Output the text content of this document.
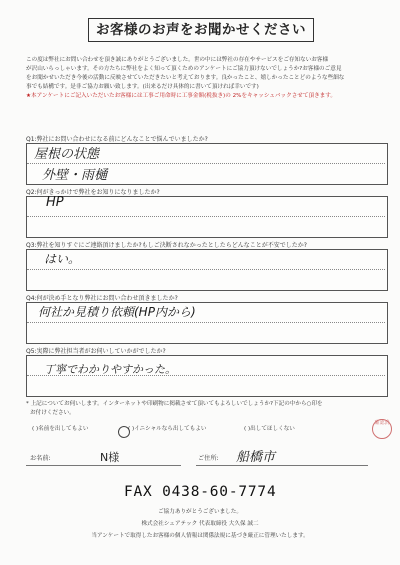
お客様のお声をお聞かせください

この度は弊社にお問い合わせを頂き誠にありがとうございました。世の中には弊社の存在やサービスをご存知ないお客様

が沢山いらっしゃいます。その方たちに弊社をよく知って頂くためのアンケートにご協力頂けないでしょうか?お客様のご意見

をお聞かせいただき今後の活動に反映させていただきたいと考えております。良かったこと、嬉しかったことどのような些細な

事でも結構です。是非ご協力お願い致します。(出来るだけ具体的に書いて頂ければ幸いです)

★本アンケートにご記入いただいたお客様には工事ご用命時に工事金額(税抜き)の 2%をキャッシュバックさせて頂きます。

Q1:弊社にお問い合わせになる前にどんなことで悩んでいましたか?
屋根の状態
外壁・雨樋
Q2:何がきっかけで弊社をお知りになりましたか?
HP
Q3:弊社を知りすぐにご連絡頂けましたか?もしご決断されなかったとしたらどんなことが不安でしたか?
はい。
Q4:何が決め手となり弊社にお問い合わせ頂きましたか?
何社か見積り依頼(HP内から)
Q5:実際に弊社担当者がお伺いしていかがでしたか?
丁寧でわかりやすかった。
* 上記についてお伺いします。インターネットや印刷物に掲載させて頂いてもよろしいでしょうか?下記の中から○印を
お付けください。
( )名前を出してもよい	( )イニシャルなら出してもよい	( )出してほしくない
確認済
お名前:	N様	ご住所: 船橋市
FAX 0438-60-7774
ご協力ありがとうございました。
株式会社シェアテック 代表取締役 大久保 誠二
当アンケートで取得したお客様の個人情報は関係法規に基づき厳正に管理いたします。
